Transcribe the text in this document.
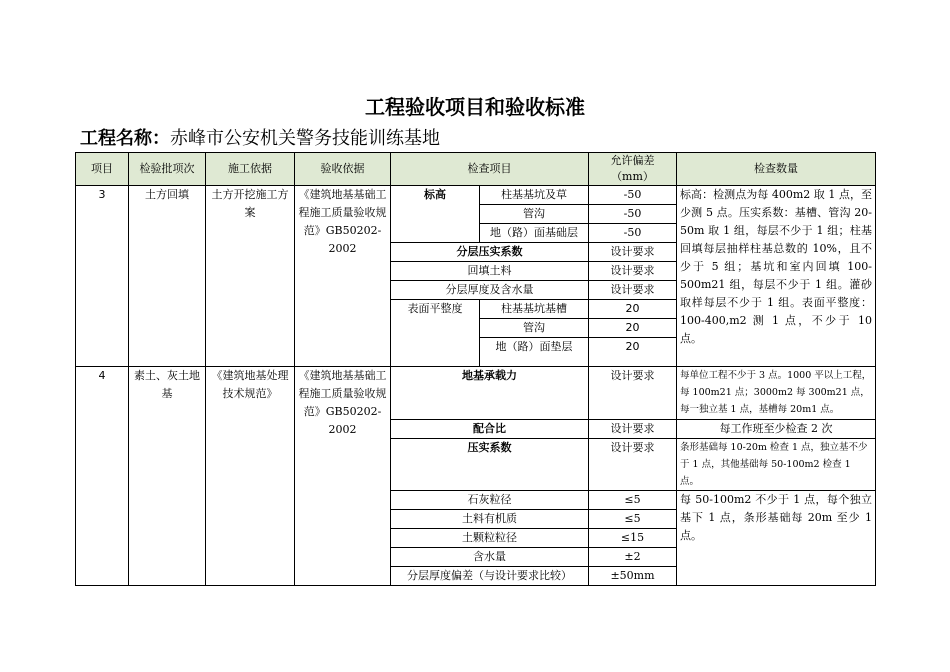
工程验收项目和验收标准
工程名称：赤峰市公安机关警务技能训练基地
项目	检验批项次	施工依据	验收依据	检查项目		允许偏差（mm）	检查数量
3	土方回填	土方开挖施工方案	《建筑地基基础工程施工质量验收规范》GB50202-2002	标高	柱基基坑及草	-50	标高：检测点为每 400m2 取 1 点，至少测 5 点。压实系数：基槽、管沟 20-50m 取 1 组，每层不少于 1 组；柱基回填每层抽样柱基总数的 10%，且不少于 5 组；基坑和室内回填 100-500m21 组，每层不少于 1 组。灌砂取样每层不少于 1 组。表面平整度：100-400,m2 测 1 点，不少于 10 点。
					管沟	-50	
					地（路）面基础层	-50	
				分层压实系数		设计要求	
				回填土料		设计要求	
				分层厚度及含水量		设计要求	
				表面平整度	柱基基坑基槽	20	
					管沟	20	
					地（路）面垫层	20	
4	素土、灰土地基	《建筑地基处理技术规范》	《建筑地基基础工程施工质量验收规范》GB50202-2002	地基承载力		设计要求	每单位工程不少于 3 点。1000 平以上工程，每 100m21 点；3000m2 每 300m21 点，每一独立基 1 点，基槽每 20m1 点。
				配合比		设计要求	每工作班至少检查 2 次
				压实系数		设计要求	条形基础每 10-20m 检查 1 点，独立基不少于 1 点，其他基础每 50-100m2 检查 1 点。
				石灰粒径		≤5	每 50-100m2 不少于 1 点，每个独立基下 1 点，条形基础每 20m 至少 1 点。
				土料有机质		≤5	
				土颗粒粒径		≤15	
				含水量		±2	
				分层厚度偏差（与设计要求比较）		±50mm	
